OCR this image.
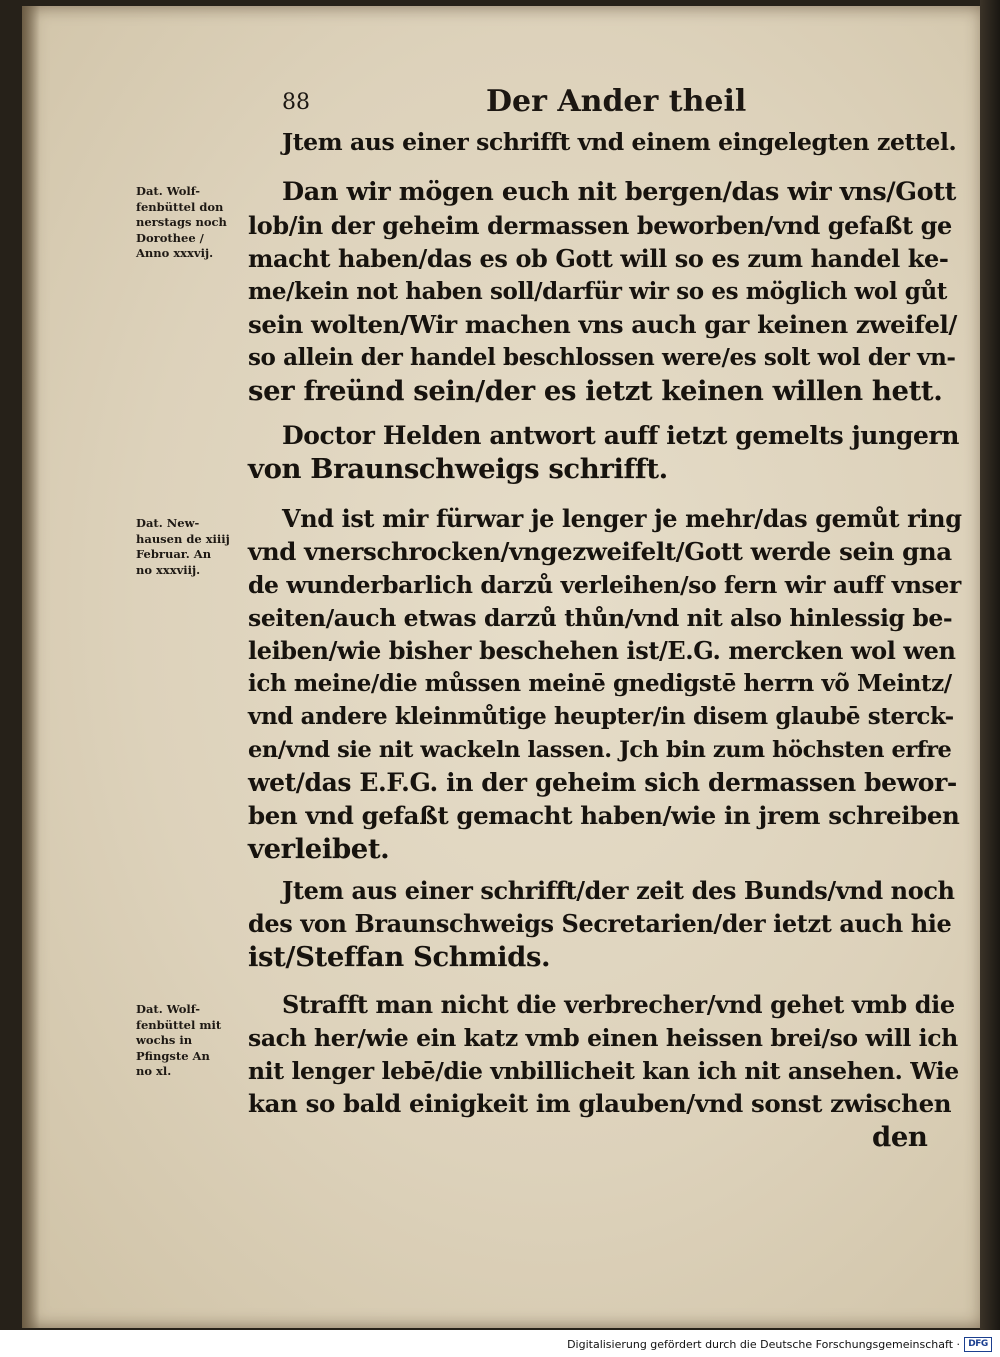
88	Der Ander theil
Dat. Wolf-
fenbüttel don
nerstags noch
Dorothee /
Anno xxxvij.
Dat. New-
hausen de xiiij
Februar. An
no xxxviij.
Dat. Wolf-
fenbüttel mit
wochs in
Pfingste An
no xl.
Jtem aus einer schrifft vnd einem eingelegten zettel.
Dan wir mögen euch nit bergen/das wir vns/Gott
lob/in der geheim dermassen beworben/vnd gefaßt ge
macht haben/das es ob Gott will so es zum handel ke-
me/kein not haben soll/darfür wir so es möglich wol gůt
sein wolten/Wir machen vns auch gar keinen zweifel/
so allein der handel beschlossen were/es solt wol der vn-
ser freünd sein/der es ietzt keinen willen hett.
Doctor Helden antwort auff ietzt gemelts jungern
von Braunschweigs schrifft.
Vnd ist mir fürwar je lenger je mehr/das gemůt ring
vnd vnerschrocken/vngezweifelt/Gott werde sein gna
de wunderbarlich darzů verleihen/so fern wir auff vnser
seiten/auch etwas darzů thůn/vnd nit also hinlessig be-
leiben/wie bisher beschehen ist/E.G. mercken wol wen
ich meine/die můssen meinē gnedigstē herrn võ Meintz/
vnd andere kleinmůtige heupter/in disem glaubē sterck-
en/vnd sie nit wackeln lassen. Jch bin zum höchsten erfre
wet/das E.F.G. in der geheim sich dermassen bewor-
ben vnd gefaßt gemacht haben/wie in jrem schreiben
verleibet.
Jtem aus einer schrifft/der zeit des Bunds/vnd noch
des von Braunschweigs Secretarien/der ietzt auch hie
ist/Steffan Schmids.
Strafft man nicht die verbrecher/vnd gehet vmb die
sach her/wie ein katz vmb einen heissen brei/so will ich
nit lenger lebē/die vnbillicheit kan ich nit ansehen. Wie
kan so bald einigkeit im glauben/vnd sonst zwischen
den
Digitalisierung gefördert durch die Deutsche Forschungsgemeinschaft · DFG
